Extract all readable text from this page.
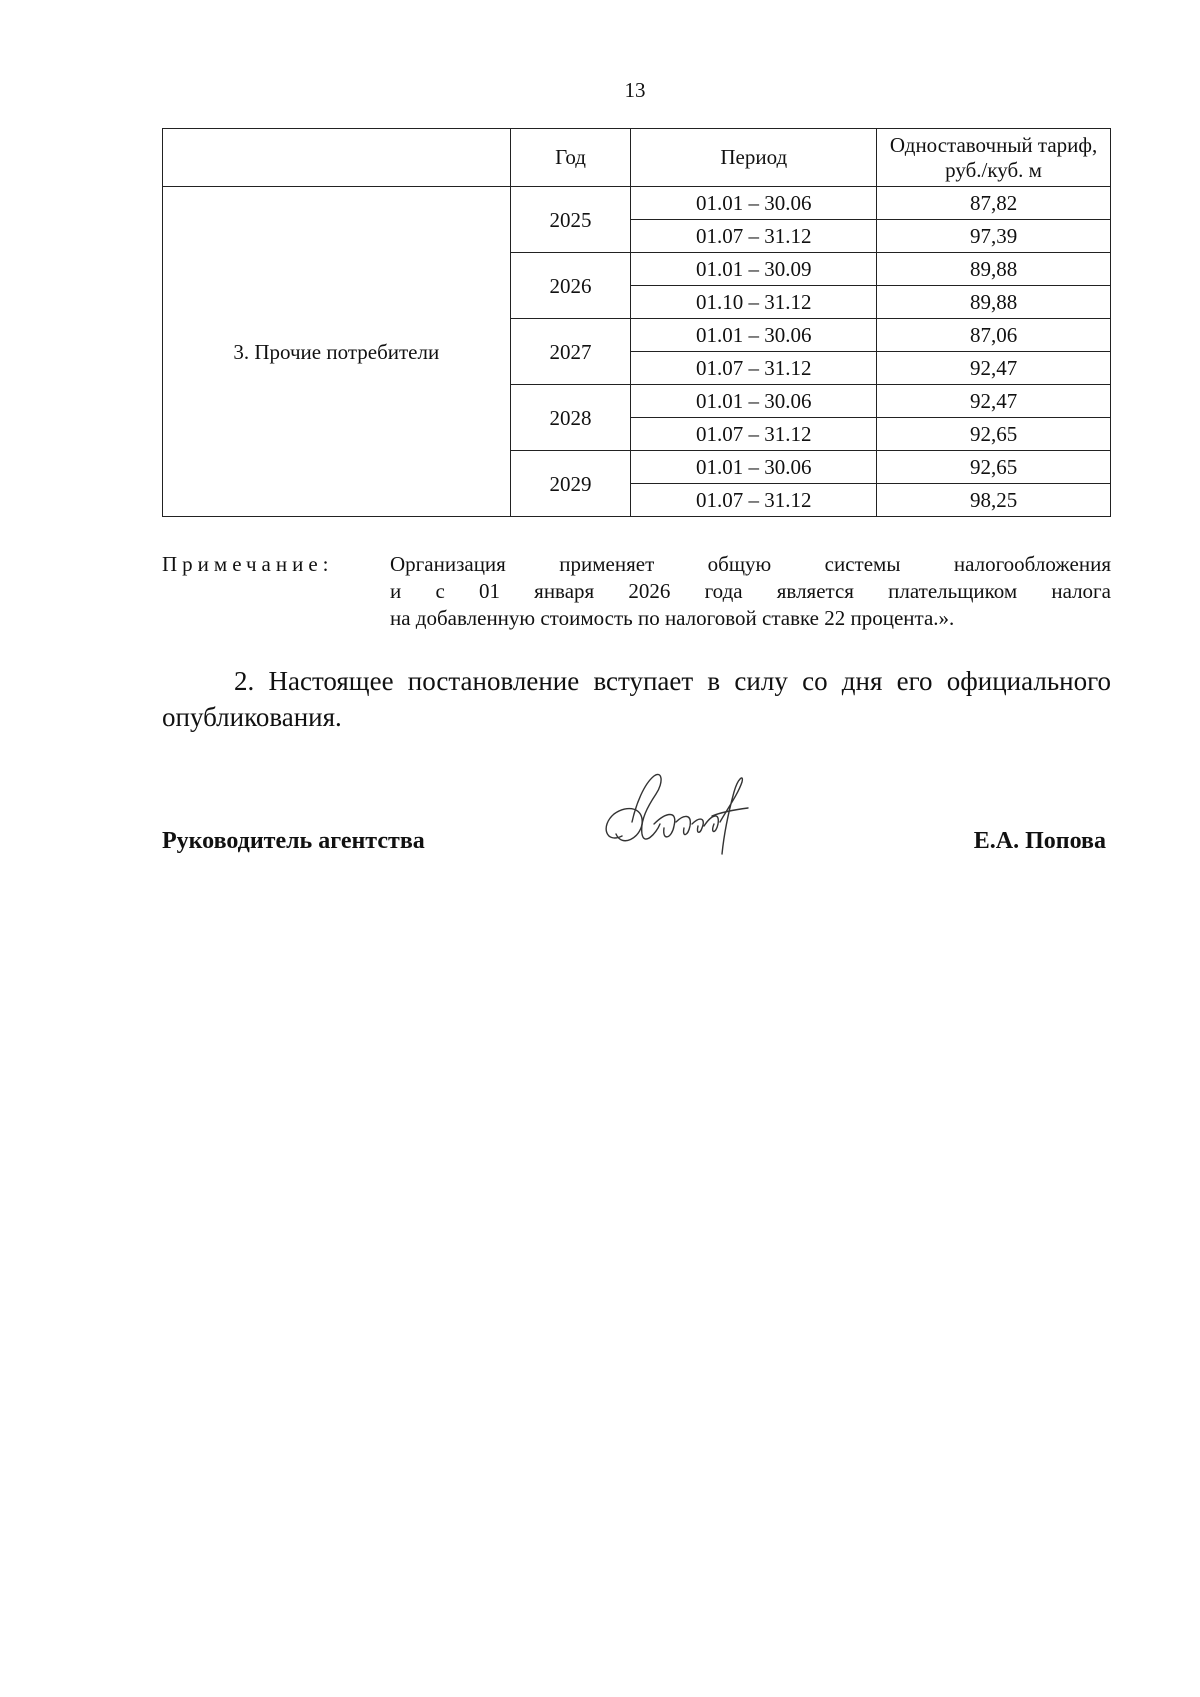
13
	Год	Период	Одноставочный тариф, руб./куб. м
3. Прочие потребители	2025	01.01 – 30.06	87,82
		01.07 – 31.12	97,39
	2026	01.01 – 30.09	89,88
		01.10 – 31.12	89,88
	2027	01.01 – 30.06	87,06
		01.07 – 31.12	92,47
	2028	01.01 – 30.06	92,47
		01.07 – 31.12	92,65
	2029	01.01 – 30.06	92,65
		01.07 – 31.12	98,25
Примечание:	Организация применяет общую системы налогообложения
и с 01 января 2026 года является плательщиком налога
на добавленную стоимость по налоговой ставке 22 процента.».
2. Настоящее постановление вступает в силу со дня его официального опубликования.
Руководитель агентства	Е.А. Попова
